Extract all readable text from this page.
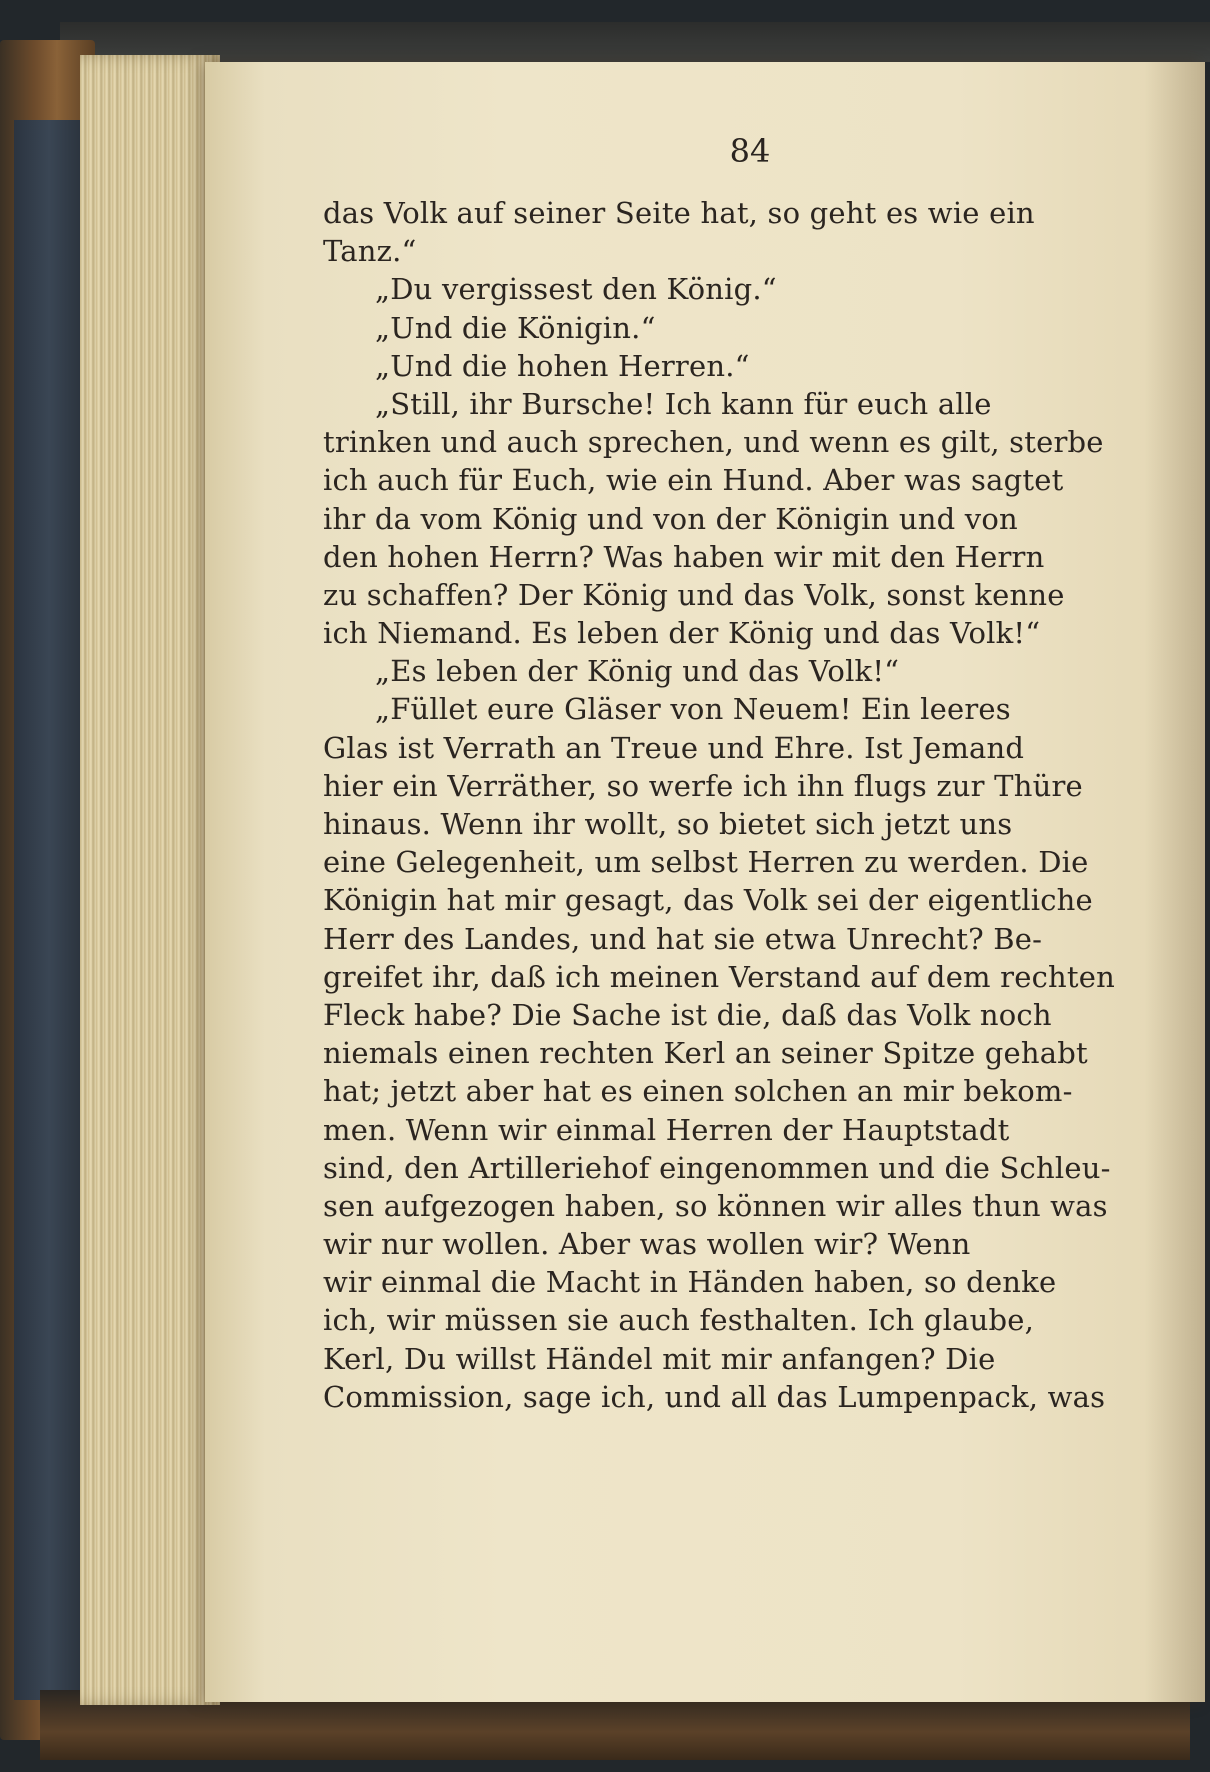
84
das Volk auf seiner Seite hat, so geht es wie ein
Tanz.“
„Du vergissest den König.“
„Und die Königin.“
„Und die hohen Herren.“
„Still, ihr Bursche! Ich kann für euch alle
trinken und auch sprechen, und wenn es gilt, sterbe
ich auch für Euch, wie ein Hund. Aber was sagtet
ihr da vom König und von der Königin und von
den hohen Herrn? Was haben wir mit den Herrn
zu schaffen? Der König und das Volk, sonst kenne
ich Niemand. Es leben der König und das Volk!“
„Es leben der König und das Volk!“
„Füllet eure Gläser von Neuem! Ein leeres
Glas ist Verrath an Treue und Ehre. Ist Jemand
hier ein Verräther, so werfe ich ihn flugs zur Thüre
hinaus. Wenn ihr wollt, so bietet sich jetzt uns
eine Gelegenheit, um selbst Herren zu werden. Die
Königin hat mir gesagt, das Volk sei der eigentliche
Herr des Landes, und hat sie etwa Unrecht? Be-
greifet ihr, daß ich meinen Verstand auf dem rechten
Fleck habe? Die Sache ist die, daß das Volk noch
niemals einen rechten Kerl an seiner Spitze gehabt
hat; jetzt aber hat es einen solchen an mir bekom-
men. Wenn wir einmal Herren der Hauptstadt
sind, den Artilleriehof eingenommen und die Schleu-
sen aufgezogen haben, so können wir alles thun was
wir nur wollen. Aber was wollen wir? Wenn
wir einmal die Macht in Händen haben, so denke
ich, wir müssen sie auch festhalten. Ich glaube,
Kerl, Du willst Händel mit mir anfangen? Die
Commission, sage ich, und all das Lumpenpack, was
